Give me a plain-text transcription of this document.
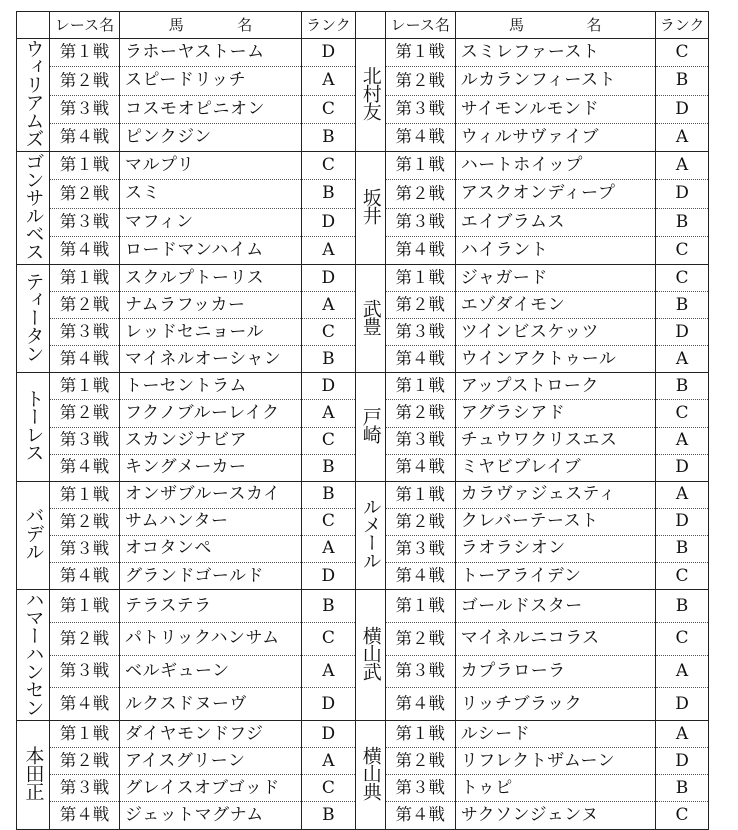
	レース名	馬 名	ランク		レース名	馬 名	ランク
ウィリアムズ	第１戦	ラホーヤストーム	D	北村友	第１戦	スミレファースト	C
	第２戦	スピードリッチ	A		第２戦	ルカランフィースト	B
	第３戦	コスモオピニオン	C		第３戦	サイモンルモンド	D
	第４戦	ピンクジン	B		第４戦	ウィルサヴァイブ	A
ゴンサルベス	第１戦	マルプリ	C	坂井	第１戦	ハートホイップ	A
	第２戦	スミ	B		第２戦	アスクオンディープ	D
	第３戦	マフィン	D		第３戦	エイブラムス	B
	第４戦	ロードマンハイム	A		第４戦	ハイラント	C
ティータン	第１戦	スクルプトーリス	D	武豊	第１戦	ジャガード	C
	第２戦	ナムラフッカー	A		第２戦	エゾダイモン	B
	第３戦	レッドセニョール	C		第３戦	ツインビスケッツ	D
	第４戦	マイネルオーシャン	B		第４戦	ウインアクトゥール	A
トーレス	第１戦	トーセントラム	D	戸崎	第１戦	アップストローク	B
	第２戦	フクノブルーレイク	A		第２戦	アグラシアド	C
	第３戦	スカンジナビア	C		第３戦	チュウワクリスエス	A
	第４戦	キングメーカー	B		第４戦	ミヤビブレイブ	D
バデル	第１戦	オンザブルースカイ	B	ルメール	第１戦	カラヴァジェスティ	A
	第２戦	サムハンター	C		第２戦	クレバーテースト	D
	第３戦	オコタンペ	A		第３戦	ラオラシオン	B
	第４戦	グランドゴールド	D		第４戦	トーアライデン	C
ハマーハンセン	第１戦	テラステラ	B	横山武	第１戦	ゴールドスター	B
	第２戦	パトリックハンサム	C		第２戦	マイネルニコラス	C
	第３戦	ベルギューン	A		第３戦	カプラローラ	A
	第４戦	ルクスドヌーヴ	D		第４戦	リッチブラック	D
本田正	第１戦	ダイヤモンドフジ	D	横山典	第１戦	ルシード	A
	第２戦	アイスグリーン	A		第２戦	リフレクトザムーン	D
	第３戦	グレイスオブゴッド	C		第３戦	トゥピ	B
	第４戦	ジェットマグナム	B		第４戦	サクソンジェンヌ	C
